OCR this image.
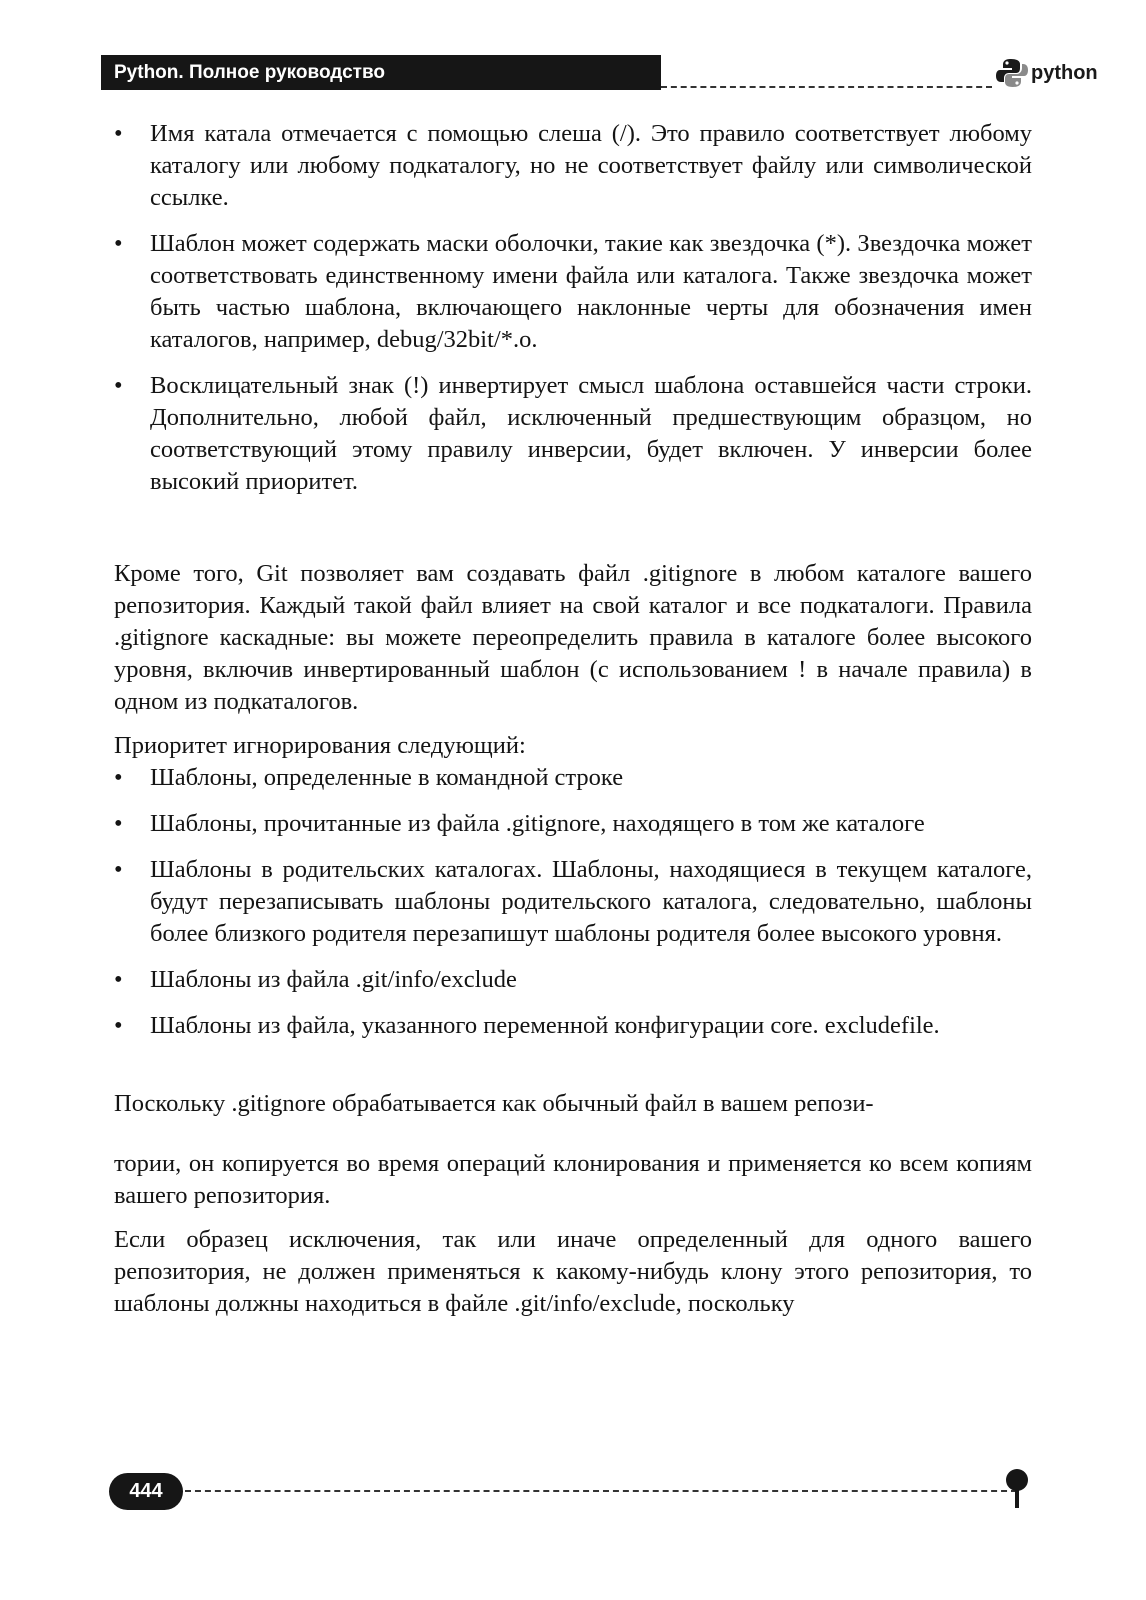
Python. Полное руководство	python
•	Имя катала отмечается с помощью слеша (/). Это правило соответствует любому каталогу или любому подкаталогу, но не соответствует файлу или символической ссылке.
•	Шаблон может содержать маски оболочки, такие как звездочка (*). Звездочка может соответствовать единственному имени файла или каталога. Также звездочка может быть частью шаблона, включающего наклонные черты для обозначения имен каталогов, например, debug/32bit/*.o.
•	Восклицательный знак (!) инвертирует смысл шаблона оставшейся части строки. Дополнительно, любой файл, исключенный предшествующим образцом, но соответствующий этому правилу инверсии, будет включен. У инверсии более высокий приоритет.

Кроме того, Git позволяет вам создавать файл .gitignore в любом каталоге вашего репозитория. Каждый такой файл влияет на свой каталог и все подкаталоги. Правила .gitignore каскадные: вы можете переопределить правила в каталоге более высокого уровня, включив инвертированный шаблон (с использованием ! в начале правила) в одном из подкаталогов.

Приоритет игнорирования следующий:

•	Шаблоны, определенные в командной строке
•	Шаблоны, прочитанные из файла .gitignore, находящего в том же каталоге
•	Шаблоны в родительских каталогах. Шаблоны, находящиеся в текущем каталоге, будут перезаписывать шаблоны родительского каталога, следовательно, шаблоны более близкого родителя перезапишут шаблоны родителя более высокого уровня.
•	Шаблоны из файла .git/info/exclude
•	Шаблоны из файла, указанного переменной конфигурации core. excludefile.

Поскольку .gitignore обрабатывается как обычный файл в вашем репози-

тории, он копируется во время операций клонирования и применяется ко всем копиям вашего репозитория.

Если образец исключения, так или иначе определенный для одного вашего репозитория, не должен применяться к какому-нибудь клону этого репозитория, то шаблоны должны находиться в файле .git/info/exclude, поскольку

444
